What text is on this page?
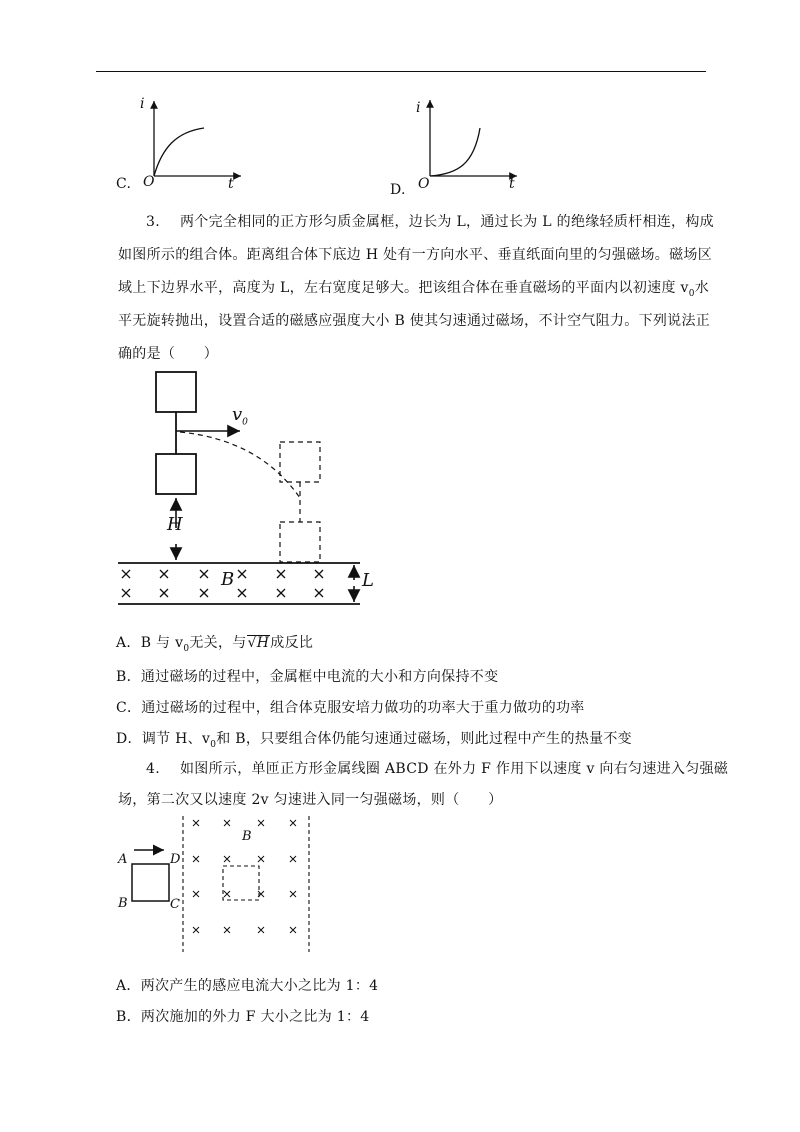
C.
i
O	t	D.
i
O	t
3. 两个完全相同的正方形匀质金属框，边长为 L，通过长为 L 的绝缘轻质杆相连，构成
如图所示的组合体。距离组合体下底边 H 处有一方向水平、垂直纸面向里的匀强磁场。磁场区
域上下边界水平，高度为 L，左右宽度足够大。把该组合体在垂直磁场的平面内以初速度 $v_0$水
平无旋转抛出，设置合适的磁感应强度大小 B 使其匀速通过磁场，不计空气阻力。下列说法正
确的是（　　）
$v_0$
H
B	L
A．B 与 $v_0$无关，与√H成反比
B．通过磁场的过程中，金属框中电流的大小和方向保持不变
C．通过磁场的过程中，组合体克服安培力做功的功率大于重力做功的功率
D．调节 H、$v_0$和 B，只要组合体仍能匀速通过磁场，则此过程中产生的热量不变
4. 如图所示，单匝正方形金属线圈 ABCD 在外力 F 作用下以速度 v 向右匀速进入匀强磁
场，第二次又以速度 2v 匀速进入同一匀强磁场，则（　　）
A
B	C
D
B
A．两次产生的感应电流大小之比为 1：4
B．两次施加的外力 F 大小之比为 1：4
